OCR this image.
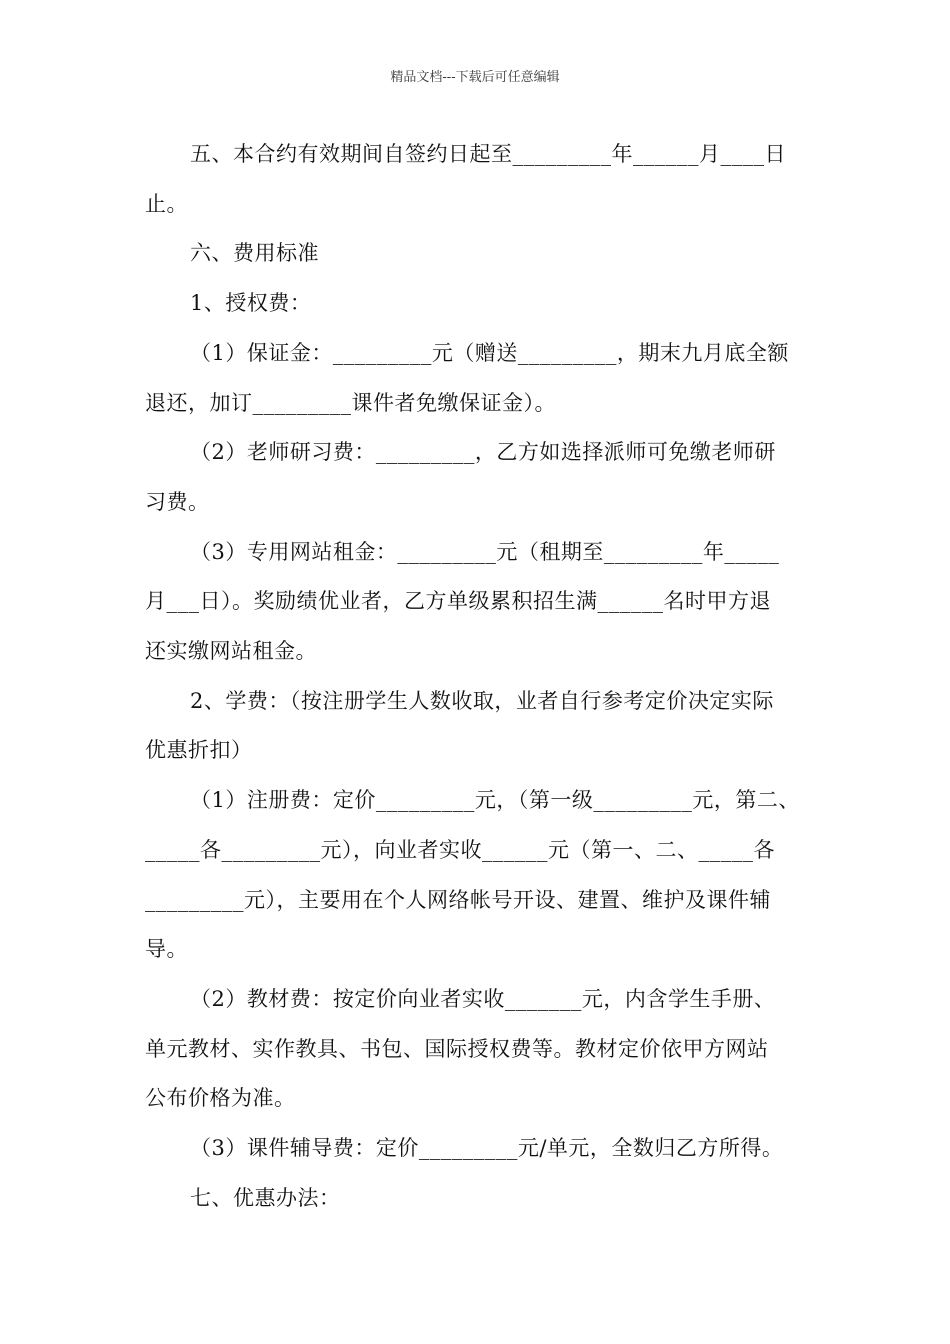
精品文档---下载后可任意编辑
五、本合约有效期间自签约日起至_________年______月____日
止。
六、费用标准
1、授权费：
（1）保证金：_________元（赠送_________，期末九月底全额
退还，加订_________课件者免缴保证金）。
（2）老师研习费：_________，乙方如选择派师可免缴老师研
习费。
（3）专用网站租金：_________元（租期至_________年_____
月___日）。奖励绩优业者，乙方单级累积招生满______名时甲方退
还实缴网站租金。
2、学费：（按注册学生人数收取，业者自行参考定价决定实际
优惠折扣）
（1）注册费：定价_________元，（第一级_________元，第二、
_____各_________元），向业者实收______元（第一、二、_____各
_________元），主要用在个人网络帐号开设、建置、维护及课件辅
导。
（2）教材费：按定价向业者实收_______元，内含学生手册、
单元教材、实作教具、书包、国际授权费等。教材定价依甲方网站
公布价格为准。
（3）课件辅导费：定价_________元/单元，全数归乙方所得。
七、优惠办法：
